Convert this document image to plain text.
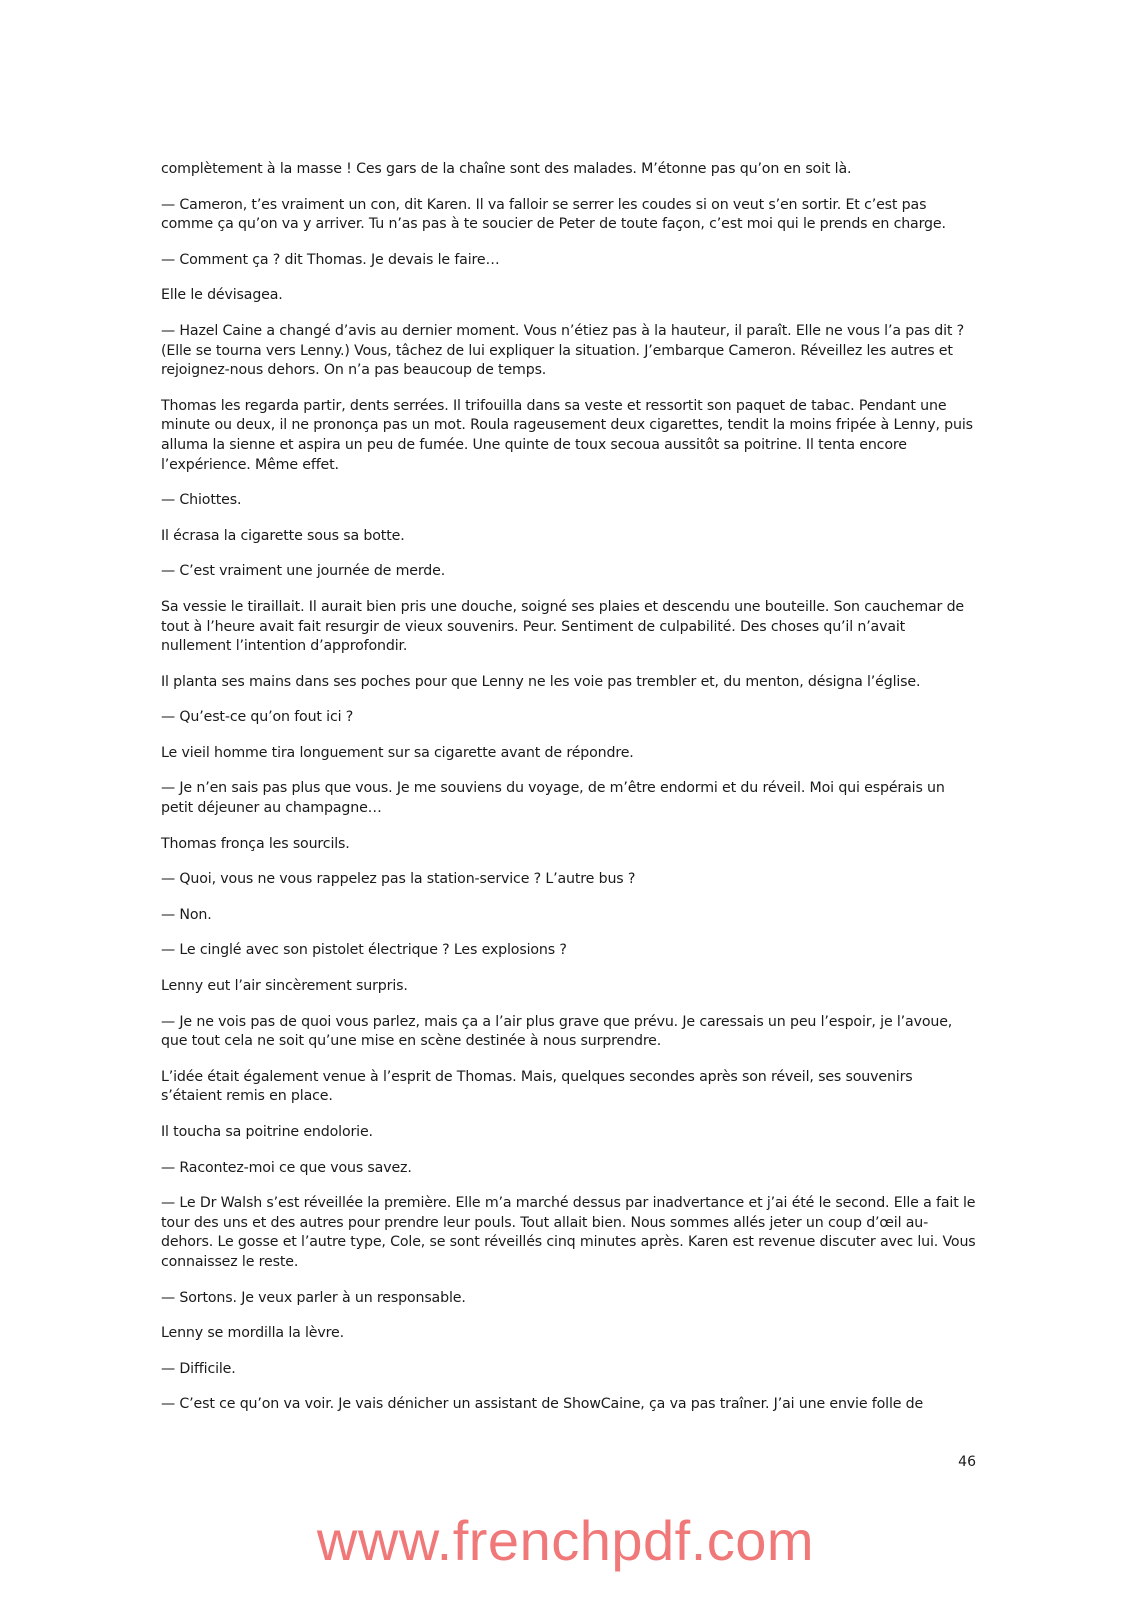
complètement à la masse ! Ces gars de la chaîne sont des malades. M’étonne pas qu’on en soit là.

— Cameron, t’es vraiment un con, dit Karen. Il va falloir se serrer les coudes si on veut s’en sortir. Et c’est pas comme ça qu’on va y arriver. Tu n’as pas à te soucier de Peter de toute façon, c’est moi qui le prends en charge.

— Comment ça ? dit Thomas. Je devais le faire…

Elle le dévisagea.

— Hazel Caine a changé d’avis au dernier moment. Vous n’étiez pas à la hauteur, il paraît. Elle ne vous l’a pas dit ? (Elle se tourna vers Lenny.) Vous, tâchez de lui expliquer la situation. J’embarque Cameron. Réveillez les autres et rejoignez-nous dehors. On n’a pas beaucoup de temps.

Thomas les regarda partir, dents serrées. Il trifouilla dans sa veste et ressortit son paquet de tabac. Pendant une minute ou deux, il ne prononça pas un mot. Roula rageusement deux cigarettes, tendit la moins fripée à Lenny, puis alluma la sienne et aspira un peu de fumée. Une quinte de toux secoua aussitôt sa poitrine. Il tenta encore l’expérience. Même effet.

— Chiottes.

Il écrasa la cigarette sous sa botte.

— C’est vraiment une journée de merde.

Sa vessie le tiraillait. Il aurait bien pris une douche, soigné ses plaies et descendu une bouteille. Son cauchemar de tout à l’heure avait fait resurgir de vieux souvenirs. Peur. Sentiment de culpabilité. Des choses qu’il n’avait nullement l’intention d’approfondir.

Il planta ses mains dans ses poches pour que Lenny ne les voie pas trembler et, du menton, désigna l’église.

— Qu’est-ce qu’on fout ici ?

Le vieil homme tira longuement sur sa cigarette avant de répondre.

— Je n’en sais pas plus que vous. Je me souviens du voyage, de m’être endormi et du réveil. Moi qui espérais un petit déjeuner au champagne…

Thomas fronça les sourcils.

— Quoi, vous ne vous rappelez pas la station-service ? L’autre bus ?

— Non.

— Le cinglé avec son pistolet électrique ? Les explosions ?

Lenny eut l’air sincèrement surpris.

— Je ne vois pas de quoi vous parlez, mais ça a l’air plus grave que prévu. Je caressais un peu l’espoir, je l’avoue, que tout cela ne soit qu’une mise en scène destinée à nous surprendre.

L’idée était également venue à l’esprit de Thomas. Mais, quelques secondes après son réveil, ses souvenirs s’étaient remis en place.

Il toucha sa poitrine endolorie.

— Racontez-moi ce que vous savez.

— Le Dr Walsh s’est réveillée la première. Elle m’a marché dessus par inadvertance et j’ai été le second. Elle a fait le tour des uns et des autres pour prendre leur pouls. Tout allait bien. Nous sommes allés jeter un coup d’œil au-dehors. Le gosse et l’autre type, Cole, se sont réveillés cinq minutes après. Karen est revenue discuter avec lui. Vous connaissez le reste.

— Sortons. Je veux parler à un responsable.

Lenny se mordilla la lèvre.

— Difficile.

— C’est ce qu’on va voir. Je vais dénicher un assistant de ShowCaine, ça va pas traîner. J’ai une envie folle de

46
www.frenchpdf.com
